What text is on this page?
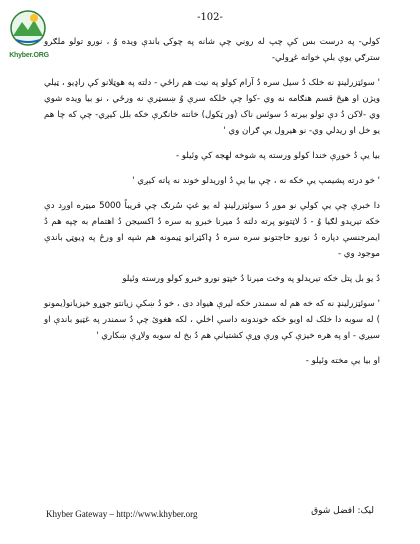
Khyber.ORG
-102-

کولي- په درست بس کې چپ له روني چې شانه په چوکۍ باندې ويده وُ ، نورو تولو ملګرو سترګي يوې بلې خواته غړولي-

' سوئټزرلينډ نه خلک دُ سيل سره دُ آرام کولو په نيت هم راځي - دلته په هوټلانو کې راډيو ، ټيلي ويژن او هيڅ قسم هنګامه نه وي -کوا چې خلکه سرې وُ ښسټرې نه ورځي ، نو بيا ويده شوي وي -لاکن دُ دې تولو بيرته دُ سوئس ناک (ور ټکول) خانته خانګرې خکه بلل کيږي- چې که چا هم يو خل او ريدلي وي- نو هيرول يې ګران وي '

بيا يې دُ خوږې خندا کولو ورسته په شوخه لهجه کې وئيلو -

' خو درته پشيمپ يې خکه نه ، چې بيا يې دُ اوريدلو خوند نه پاته کيږي '

دا خبرې چې يې کولې نو موږ دُ سوئټزرلينډ له يو غټ سُرنګ چې قريباً 5000 ميټره اوږد دې خکه تيريدو لګيا وُ - دُ لاټتونو پرته دلته دُ ميرنا خبرو به سره دُ اکسيجن دُ اهتمام به چپه هم دُ ايمرجنسې دپاره دُ نورو حاجتونو سره سره دُ ډاکټرانو ټيمونه هم شپه او ورځ په ډيوټۍ باندې موجود وي -

دُ يو بل پتل خکه تيريدلو په وخت ميرنا دُ خپټو نورو خبرو کولو ورسته وئيلو

' سوئټزرلينډ نه که خه هم له سمندر خکه ليرې هيواد دی ، خو دُ ښکې زيانتو جوړو خيزيانو(يمونو ) له سوبه دا خلک له اوبو خکه خوندونه داسې اخلي ، لکه هغوئ چې دُ سمندر په غټيو باندې او سيږي - او په هره خيزې کې ورې وړې کشتيانې هم دُ بخ له سوبه ولاړې ښکاري '

او بيا يې مخته وئيلو -

Khyber Gateway – http://www.khyber.org	ليک: افضل شوق
